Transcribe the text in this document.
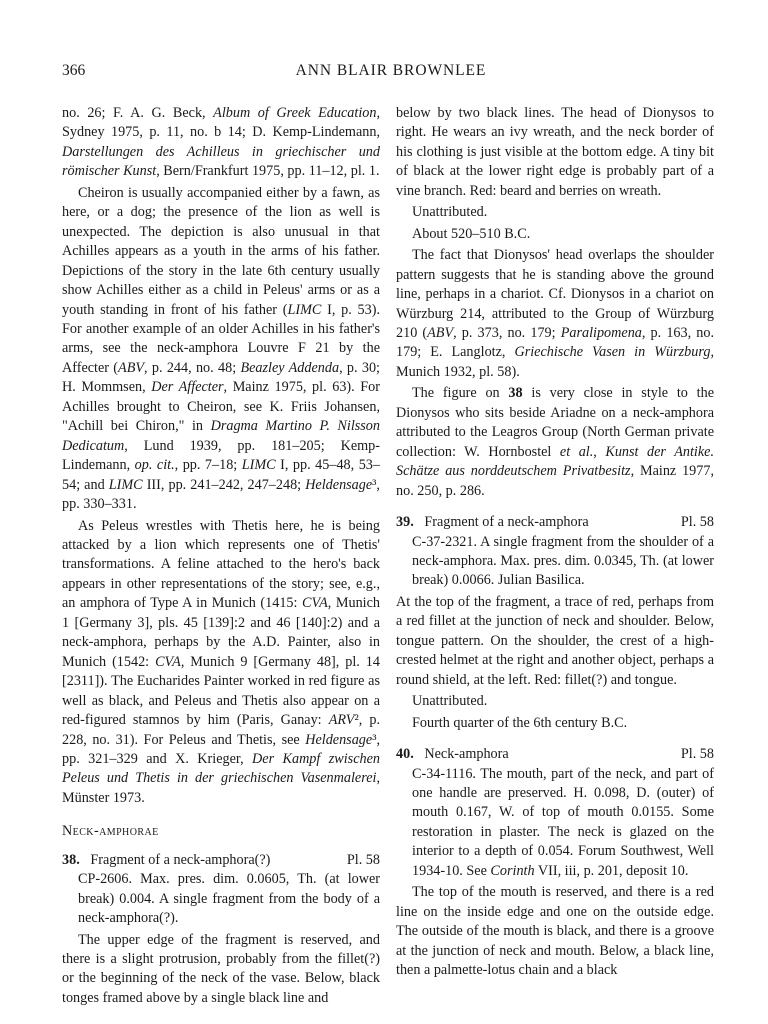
366	ANN BLAIR BROWNLEE

no. 26; F. A. G. Beck, Album of Greek Education, Sydney 1975, p. 11, no. b 14; D. Kemp-Lindemann, Darstellungen des Achilleus in griechischer und römischer Kunst, Bern/Frankfurt 1975, pp. 11–12, pl. 1.

Cheiron is usually accompanied either by a fawn, as here, or a dog; the presence of the lion as well is unexpected. The depiction is also unusual in that Achilles appears as a youth in the arms of his father. Depictions of the story in the late 6th century usually show Achilles either as a child in Peleus' arms or as a youth standing in front of his father (LIMC I, p. 53). For another example of an older Achilles in his father's arms, see the neck-amphora Louvre F 21 by the Affecter (ABV, p. 244, no. 48; Beazley Addenda, p. 30; H. Mommsen, Der Affecter, Mainz 1975, pl. 63). For Achilles brought to Cheiron, see K. Friis Johansen, "Achill bei Chiron," in Dragma Martino P. Nilsson Dedicatum, Lund 1939, pp. 181–205; Kemp-Lindemann, op. cit., pp. 7–18; LIMC I, pp. 45–48, 53–54; and LIMC III, pp. 241–242, 247–248; Heldensage³, pp. 330–331.

As Peleus wrestles with Thetis here, he is being attacked by a lion which represents one of Thetis' transformations. A feline attached to the hero's back appears in other representations of the story; see, e.g., an amphora of Type A in Munich (1415: CVA, Munich 1 [Germany 3], pls. 45 [139]:2 and 46 [140]:2) and a neck-amphora, perhaps by the A.D. Painter, also in Munich (1542: CVA, Munich 9 [Germany 48], pl. 14 [2311]). The Eucharides Painter worked in red figure as well as black, and Peleus and Thetis also appear on a red-figured stamnos by him (Paris, Ganay: ARV², p. 228, no. 31). For Peleus and Thetis, see Heldensage³, pp. 321–329 and X. Krieger, Der Kampf zwischen Peleus und Thetis in der griechischen Vasenmalerei, Münster 1973.

Neck-amphorae

38. Fragment of a neck-amphora(?)	Pl. 58

CP-2606. Max. pres. dim. 0.0605, Th. (at lower break) 0.004. A single fragment from the body of a neck-amphora(?).

The upper edge of the fragment is reserved, and there is a slight protrusion, probably from the fillet(?) or the beginning of the neck of the vase. Below, black tonges framed above by a single black line and

below by two black lines. The head of Dionysos to right. He wears an ivy wreath, and the neck border of his clothing is just visible at the bottom edge. A tiny bit of black at the lower right edge is probably part of a vine branch. Red: beard and berries on wreath.

Unattributed.

About 520–510 B.C.

The fact that Dionysos' head overlaps the shoulder pattern suggests that he is standing above the ground line, perhaps in a chariot. Cf. Dionysos in a chariot on Würzburg 214, attributed to the Group of Würzburg 210 (ABV, p. 373, no. 179; Paralipomena, p. 163, no. 179; E. Langlotz, Griechische Vasen in Würzburg, Munich 1932, pl. 58).

The figure on 38 is very close in style to the Dionysos who sits beside Ariadne on a neck-amphora attributed to the Leagros Group (North German private collection: W. Hornbostel et al., Kunst der Antike. Schätze aus norddeutschem Privatbesitz, Mainz 1977, no. 250, p. 286.

39. Fragment of a neck-amphora	Pl. 58

C-37-2321. A single fragment from the shoulder of a neck-amphora. Max. pres. dim. 0.0345, Th. (at lower break) 0.0066. Julian Basilica.

At the top of the fragment, a trace of red, perhaps from a red fillet at the junction of neck and shoulder. Below, tongue pattern. On the shoulder, the crest of a high-crested helmet at the right and another object, perhaps a round shield, at the left. Red: fillet(?) and tongue.

Unattributed.

Fourth quarter of the 6th century B.C.

40. Neck-amphora	Pl. 58

C-34-1116. The mouth, part of the neck, and part of one handle are preserved. H. 0.098, D. (outer) of mouth 0.167, W. of top of mouth 0.0155. Some restoration in plaster. The neck is glazed on the interior to a depth of 0.054. Forum Southwest, Well 1934-10. See Corinth VII, iii, p. 201, deposit 10.

The top of the mouth is reserved, and there is a red line on the inside edge and one on the outside edge. The outside of the mouth is black, and there is a groove at the junction of neck and mouth. Below, a black line, then a palmette-lotus chain and a black
